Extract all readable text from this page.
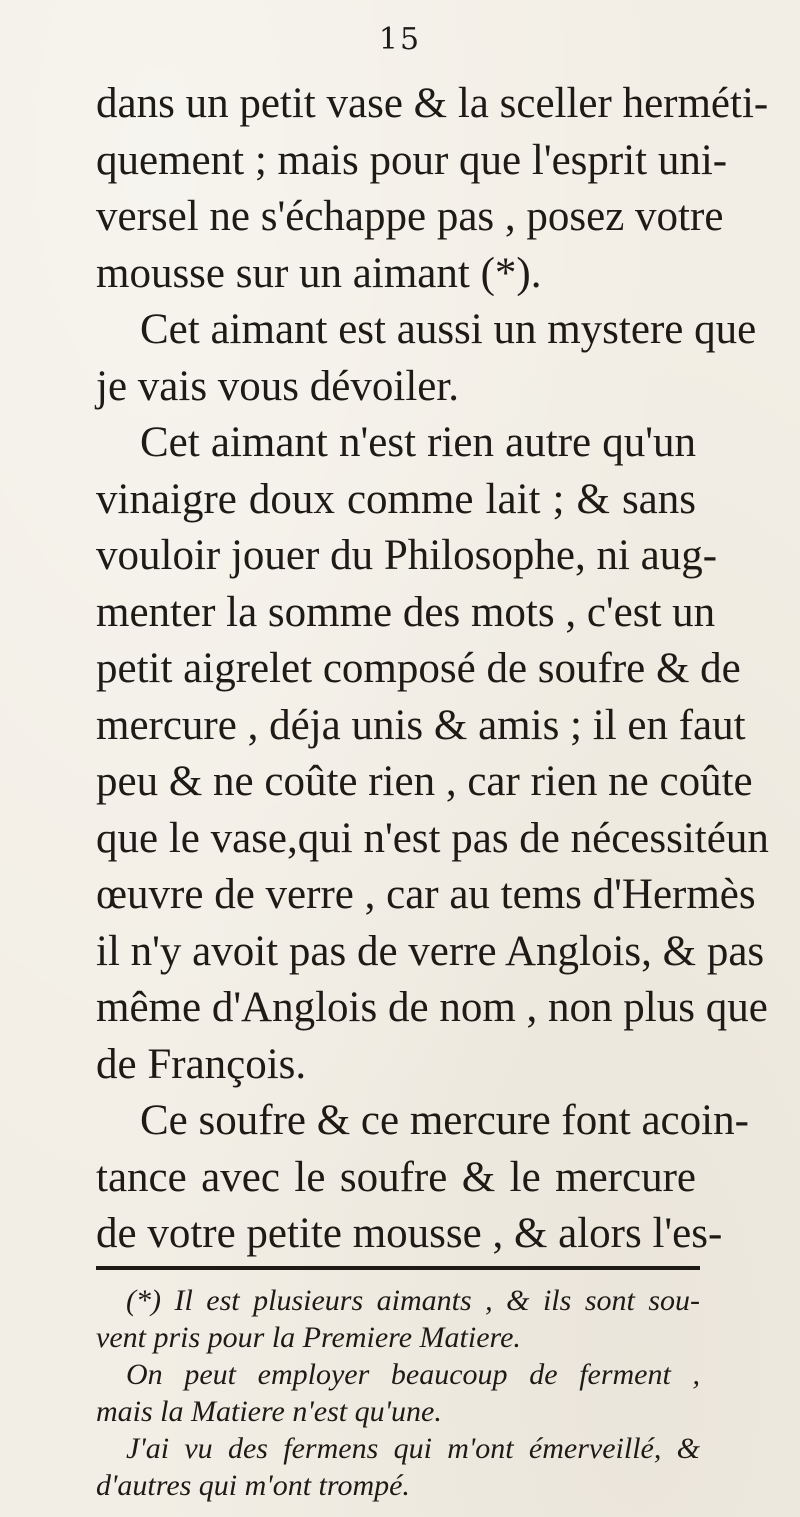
15
dans un petit vase & la sceller herméti-
quement ; mais pour que l'esprit uni-
versel ne s'échappe pas , posez votre
mousse sur un aimant (*).
Cet aimant est aussi un mystere que
je vais vous dévoiler.
Cet aimant n'est rien autre qu'un
vinaigre doux comme lait ; & sans
vouloir jouer du Philosophe, ni aug-
menter la somme des mots , c'est un
petit aigrelet composé de soufre & de
mercure , déja unis & amis ; il en faut
peu & ne coûte rien , car rien ne coûte
que le vase,qui n'est pas de nécessitéun
œuvre de verre , car au tems d'Hermès
il n'y avoit pas de verre Anglois, & pas
même d'Anglois de nom , non plus que
de François.
Ce soufre & ce mercure font acoin-
tance avec le soufre & le mercure
de votre petite mousse , & alors l'es-
(*) Il est plusieurs aimants , & ils sont sou-
vent pris pour la Premiere Matiere.
On peut employer beaucoup de ferment ,
mais la Matiere n'est qu'une.
J'ai vu des fermens qui m'ont émerveillé, &
d'autres qui m'ont trompé.
